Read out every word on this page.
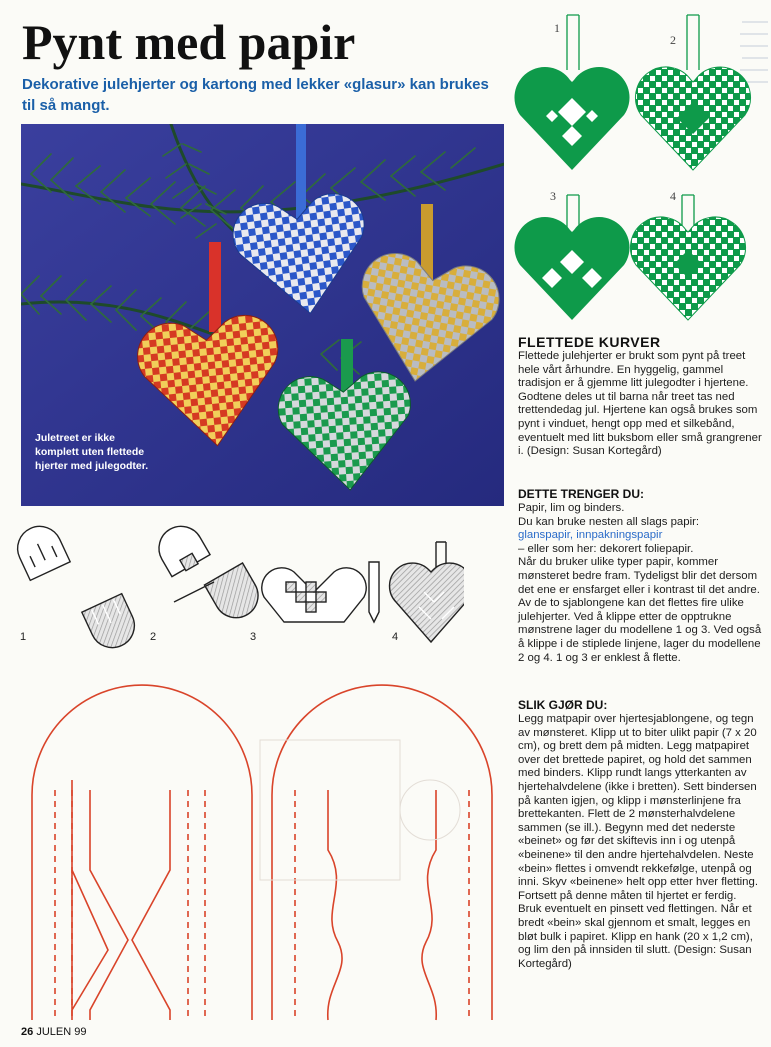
Pynt med papir

Dekorative julehjerter og kartong med lekker «glasur» kan brukes til så mangt.

Juletreet er ikke komplett uten flettede hjerter med julegodter.

1
2
3	4
FLETTEDE KURVER

Flettede julehjerter er brukt som pynt på treet hele vårt århundre. En hyggelig, gammel tradisjon er å gjemme litt julegodter i hjertene. Godtene deles ut til barna når treet tas ned trettendedag jul. Hjertene kan også brukes som pynt i vinduet, hengt opp med et silkebånd, eventuelt med litt buksbom eller små grangrener i. (Design: Susan Kortegård)

DETTE TRENGER DU:
Papir, lim og binders.
Du kan bruke nesten all slags papir:
glanspapir, innpakningspapir
– eller som her: dekorert foliepapir.
Når du bruker ulike typer papir, kommer mønsteret bedre fram. Tydeligst blir det dersom det ene er ensfarget eller i kontrast til det andre. Av de to sjablongene kan det flettes fire ulike julehjerter. Ved å klippe etter de opptrukne mønstrene lager du modellene 1 og 3. Ved også å klippe i de stiplede linjene, lager du modellene 2 og 4. 1 og 3 er enklest å flette.
SLIK GJØR DU:

Legg matpapir over hjertesjablongene, og tegn av mønsteret. Klipp ut to biter ulikt papir (7 x 20 cm), og brett dem på midten. Legg matpapiret over det brettede papiret, og hold det sammen med binders. Klipp rundt langs ytterkanten av hjertehalvdelene (ikke i bretten). Sett bindersen på kanten igjen, og klipp i mønsterlinjene fra brettekanten. Flett de 2 mønsterhalvdelene sammen (se ill.). Begynn med det nederste «beinet» og før det skiftevis inn i og utenpå «beinene» til den andre hjertehalvdelen. Neste «bein» flettes i omvendt rekkefølge, utenpå og inni. Skyv «beinene» helt opp etter hver fletting. Fortsett på denne måten til hjertet er ferdig. Bruk eventuelt en pinsett ved flettingen. Når et bredt «bein» skal gjennom et smalt, legges en bløt bulk i papiret. Klipp en hank (20 x 1,2 cm), og lim den på innsiden til slutt. (Design: Susan Kortegård)

1	2	3	4

26 JULEN 99
